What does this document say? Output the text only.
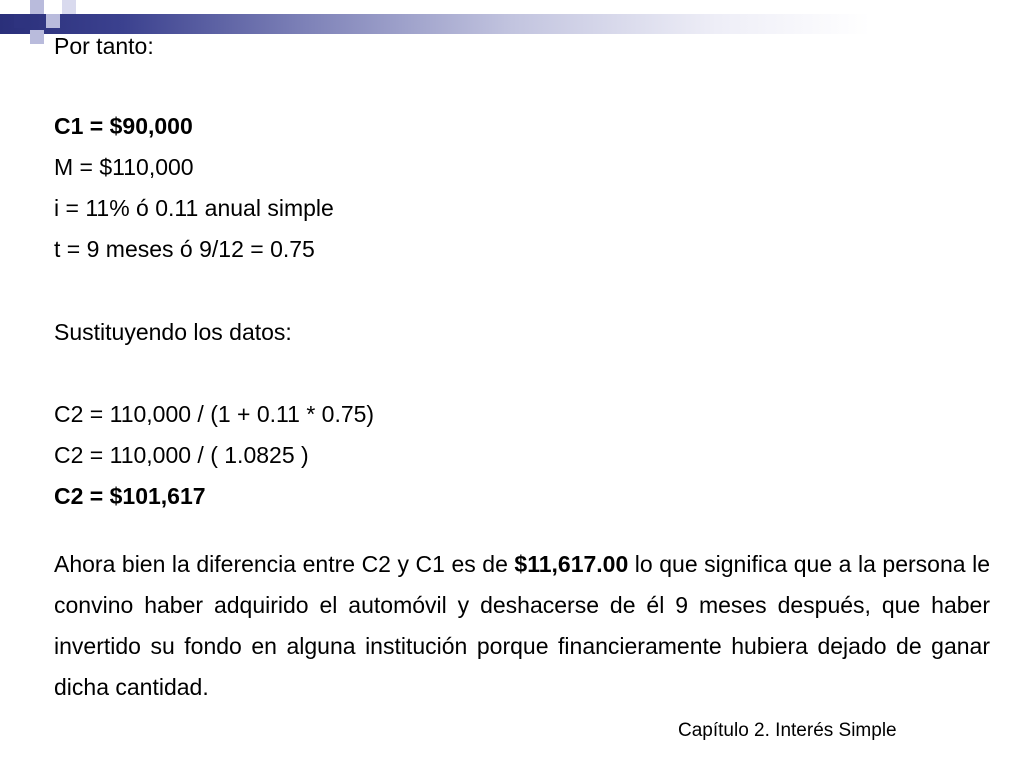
Por tanto:
C1 = $90,000
M = $110,000
i = 11% ó 0.11 anual simple
t = 9 meses ó 9/12 = 0.75
Sustituyendo los datos:
C2 = 110,000 / (1 + 0.11 * 0.75)
C2 = 110,000 / ( 1.0825 )
C2 = $101,617
Ahora bien la diferencia entre C2 y C1 es de $11,617.00 lo que significa que a la persona le convino haber adquirido el automóvil y deshacerse de él 9 meses después, que haber invertido su fondo en alguna institución porque financieramente hubiera dejado de ganar dicha cantidad.
Capítulo 2. Interés Simple
